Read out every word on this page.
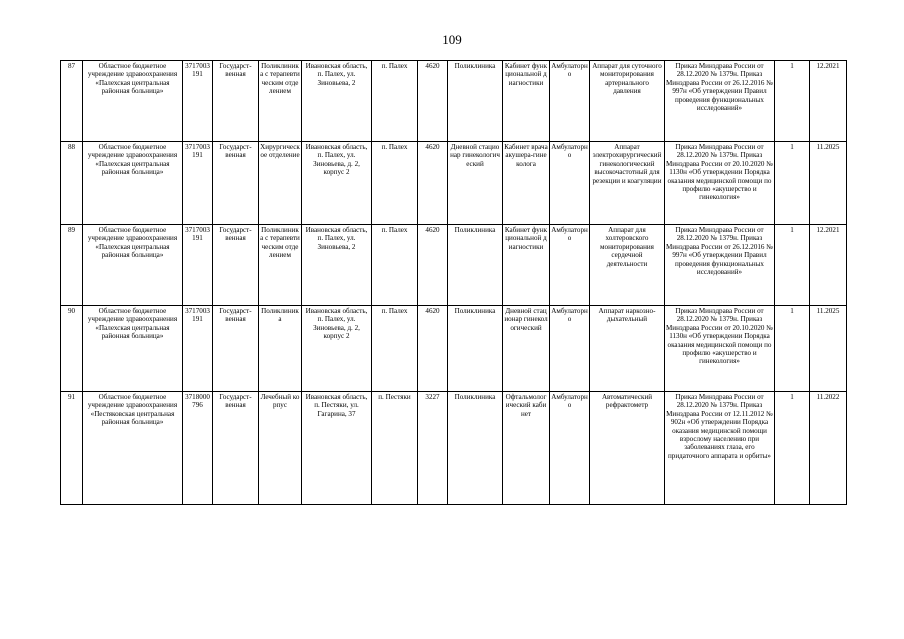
109
87	Областное бюджетное учреждение здравоохранения «Палехская центральная районная больница»	3717003191	Государст-венная	Поликлиника с терапевтическим отделением	Ивановская область, п. Палех, ул. Зиновьева, 2	п. Палех	4620	Поликлиника	Кабинет функциональной диагностики	Амбулаторно	Аппарат для суточного мониторирования артериального давления	Приказ Минздрава России от 28.12.2020 № 1379н. Приказ Минздрава России от 26.12.2016 № 997н «Об утверждении Правил проведения функциональных исследований»	1	12.2021
88	Областное бюджетное учреждение здравоохранения «Палехская центральная районная больница»	3717003191	Государст-венная	Хирургическое отделение	Ивановская область, п. Палех, ул. Зиновьева, д. 2, корпус 2	п. Палех	4620	Дневной стационар гинекологический	Кабинет врача акушера-гинеколога	Амбулаторно	Аппарат электрохирургический гинекологический высокочастотный для резекции и коагуляции	Приказ Минздрава России от 28.12.2020 № 1379н. Приказ Минздрава России от 20.10.2020 № 1130н «Об утверждении Порядка оказания медицинской помощи по профилю «акушерство и гинекология»	1	11.2025
89	Областное бюджетное учреждение здравоохранения «Палехская центральная районная больница»	3717003191	Государст-венная	Поликлиника с терапевтическим отделением	Ивановская область, п. Палех, ул. Зиновьева, 2	п. Палех	4620	Поликлиника	Кабинет функциональной диагностики	Амбулаторно	Аппарат для холтеровского мониторирования сердечной деятельности	Приказ Минздрава России от 28.12.2020 № 1379н. Приказ Минздрава России от 26.12.2016 № 997н «Об утверждении Правил проведения функциональных исследований»	1	12.2021
90	Областное бюджетное учреждение здравоохранения «Палехская центральная районная больница»	3717003191	Государст-венная	Поликлиника	Ивановская область, п. Палех, ул. Зиновьева, д. 2, корпус 2	п. Палех	4620	Поликлиника	Дневной стационар гинекологический	Амбулаторно	Аппарат наркозно-дыхательный	Приказ Минздрава России от 28.12.2020 № 1379н. Приказ Минздрава России от 20.10.2020 № 1130н «Об утверждении Порядка оказания медицинской помощи по профилю «акушерство и гинекология»	1	11.2025
91	Областное бюджетное учреждение здравоохранения «Пестяковская центральная районная больница»	3718000796	Государст-венная	Лечебный корпус	Ивановская область, п. Пестяки, ул. Гагарина, 37	п. Пестяки	3227	Поликлиника	Офтальмологический кабинет	Амбулаторно	Автоматический рефрактометр	Приказ Минздрава России от 28.12.2020 № 1379н. Приказ Минздрава России от 12.11.2012 № 902н «Об утверждении Порядка оказания медицинской помощи взрослому населению при заболеваниях глаза, его придаточного аппарата и орбиты»	1	11.2022
